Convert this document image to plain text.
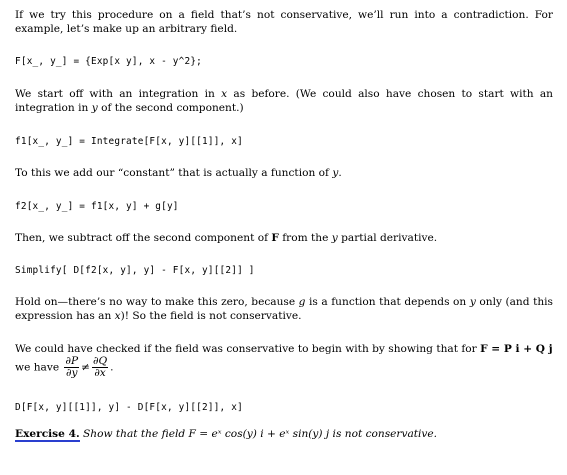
If we try this procedure on a field that’s not conservative, we’ll run into a contradiction. For example, let’s make up an arbitrary field.
F[x_, y_] = {Exp[x y], x - y^2};
We start off with an integration in x as before. (We could also have chosen to start with an integration in y of the second component.)
f1[x_, y_] = Integrate[F[x, y][[1]], x]
To this we add our “constant” that is actually a function of y.
f2[x_, y_] = f1[x, y] + g[y]
Then, we subtract off the second component of F from the y partial derivative.
Simplify[ D[f2[x, y], y] - F[x, y][[2]] ]
Hold on—there’s no way to make this zero, because g is a function that depends on y only (and this expression has an x)! So the field is not conservative.
We could have checked if the field was conservative to begin with by showing that for F = P i + Q j
we have $\frac{\partial P}{\partial y} \ne \frac{\partial Q}{\partial x}$ .
D[F[x, y][[1]], y] - D[F[x, y][[2]], x]
Exercise 4. Show that the field F = eˣ cos(y) i + eˣ sin(y) j is not conservative.
